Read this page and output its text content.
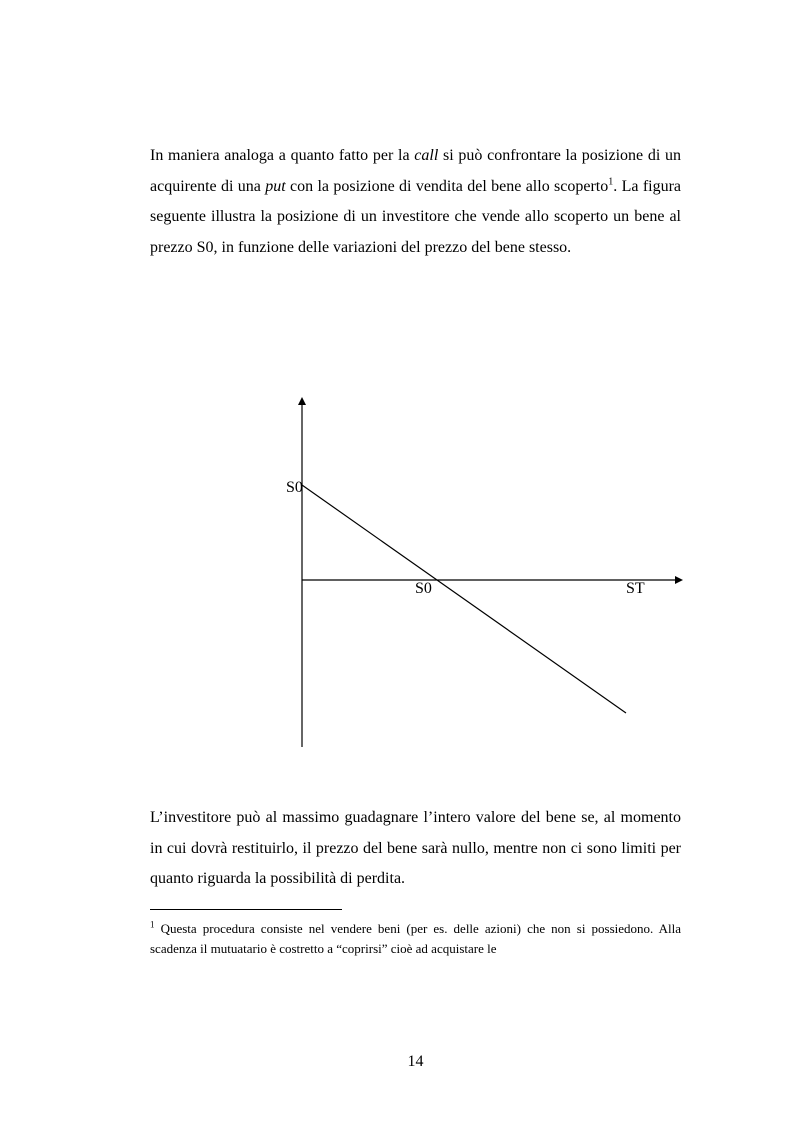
In maniera analoga a quanto fatto per la call si può confrontare la posizione di un acquirente di una put con la posizione di vendita del bene allo scoperto$^1$. La figura seguente illustra la posizione di un investitore che vende allo scoperto un bene al prezzo S0, in funzione delle variazioni del prezzo del bene stesso.

S0
S0	ST

L’investitore può al massimo guadagnare l’intero valore del bene se, al momento in cui dovrà restituirlo, il prezzo del bene sarà nullo, mentre non ci sono limiti per quanto riguarda la possibilità di perdita.

$^1$ Questa procedura consiste nel vendere beni (per es. delle azioni) che non si possiedono. Alla scadenza il mutuatario è costretto a “coprirsi” cioè ad acquistare le

14
